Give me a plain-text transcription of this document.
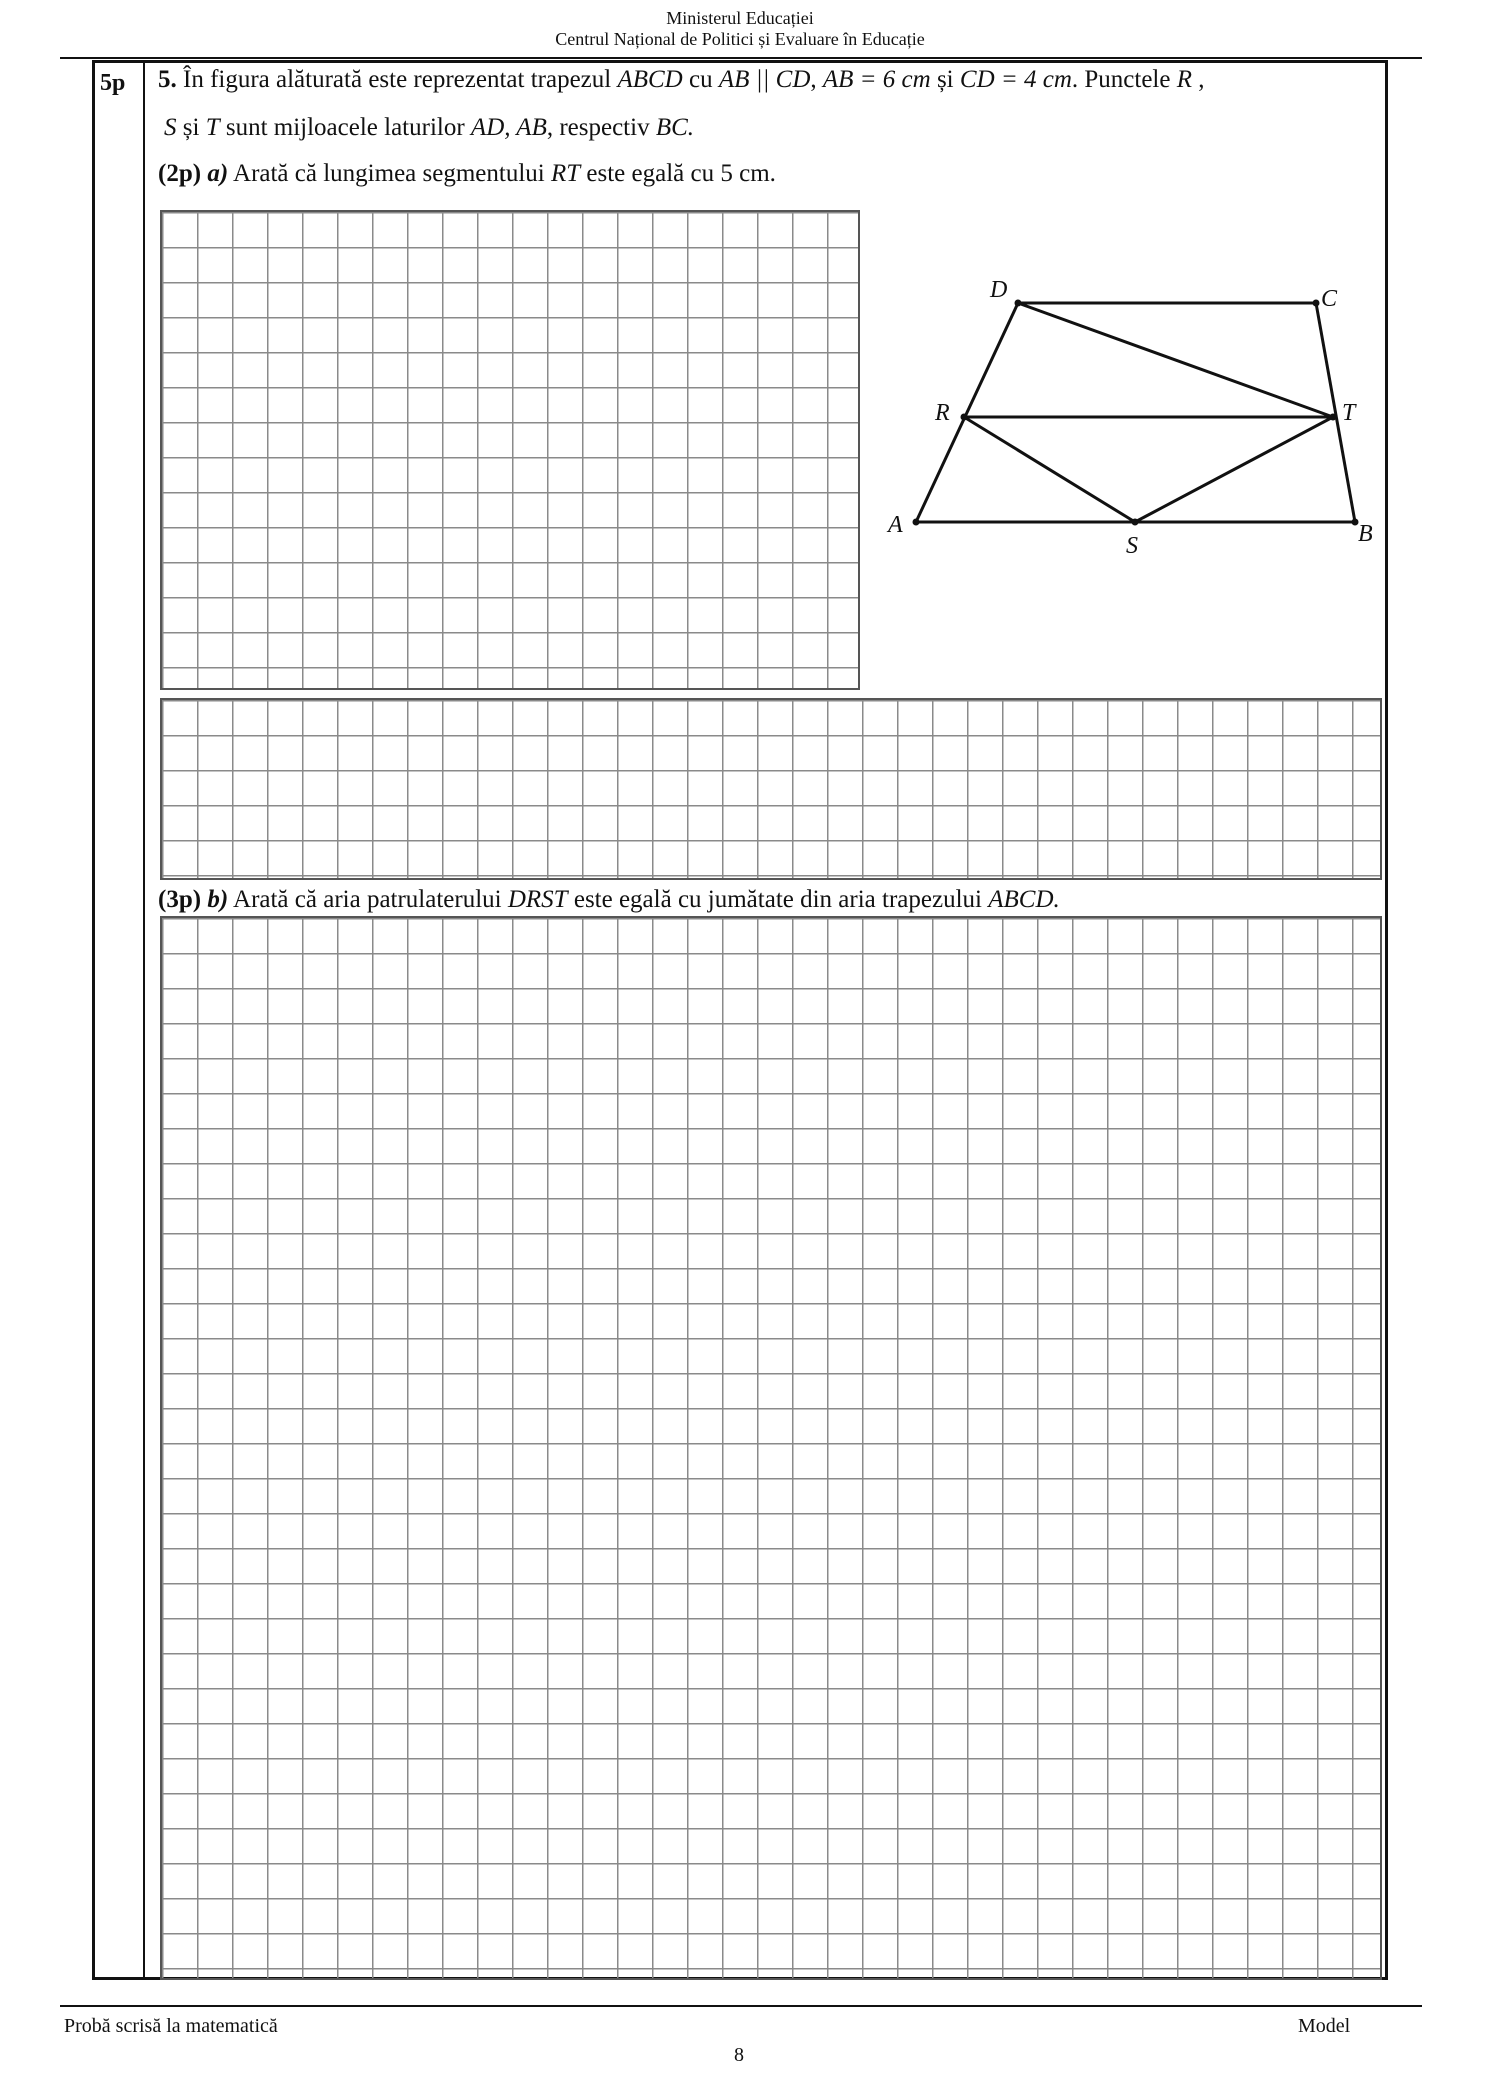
Ministerul Educației
Centrul Național de Politici și Evaluare în Educație
5p 5. În figura alăturată este reprezentat trapezul ABCD cu AB || CD, AB = 6 cm și CD = 4 cm. Punctele R ,
S și T sunt mijloacele laturilor AD, AB, respectiv BC.
(2p) a) Arată că lungimea segmentului RT este egală cu 5 cm.
(3p) b) Arată că aria patrulaterului DRST este egală cu jumătate din aria trapezului ABCD.
D	C
R	T
A
S	B
Probă scrisă la matematică	Model
8
